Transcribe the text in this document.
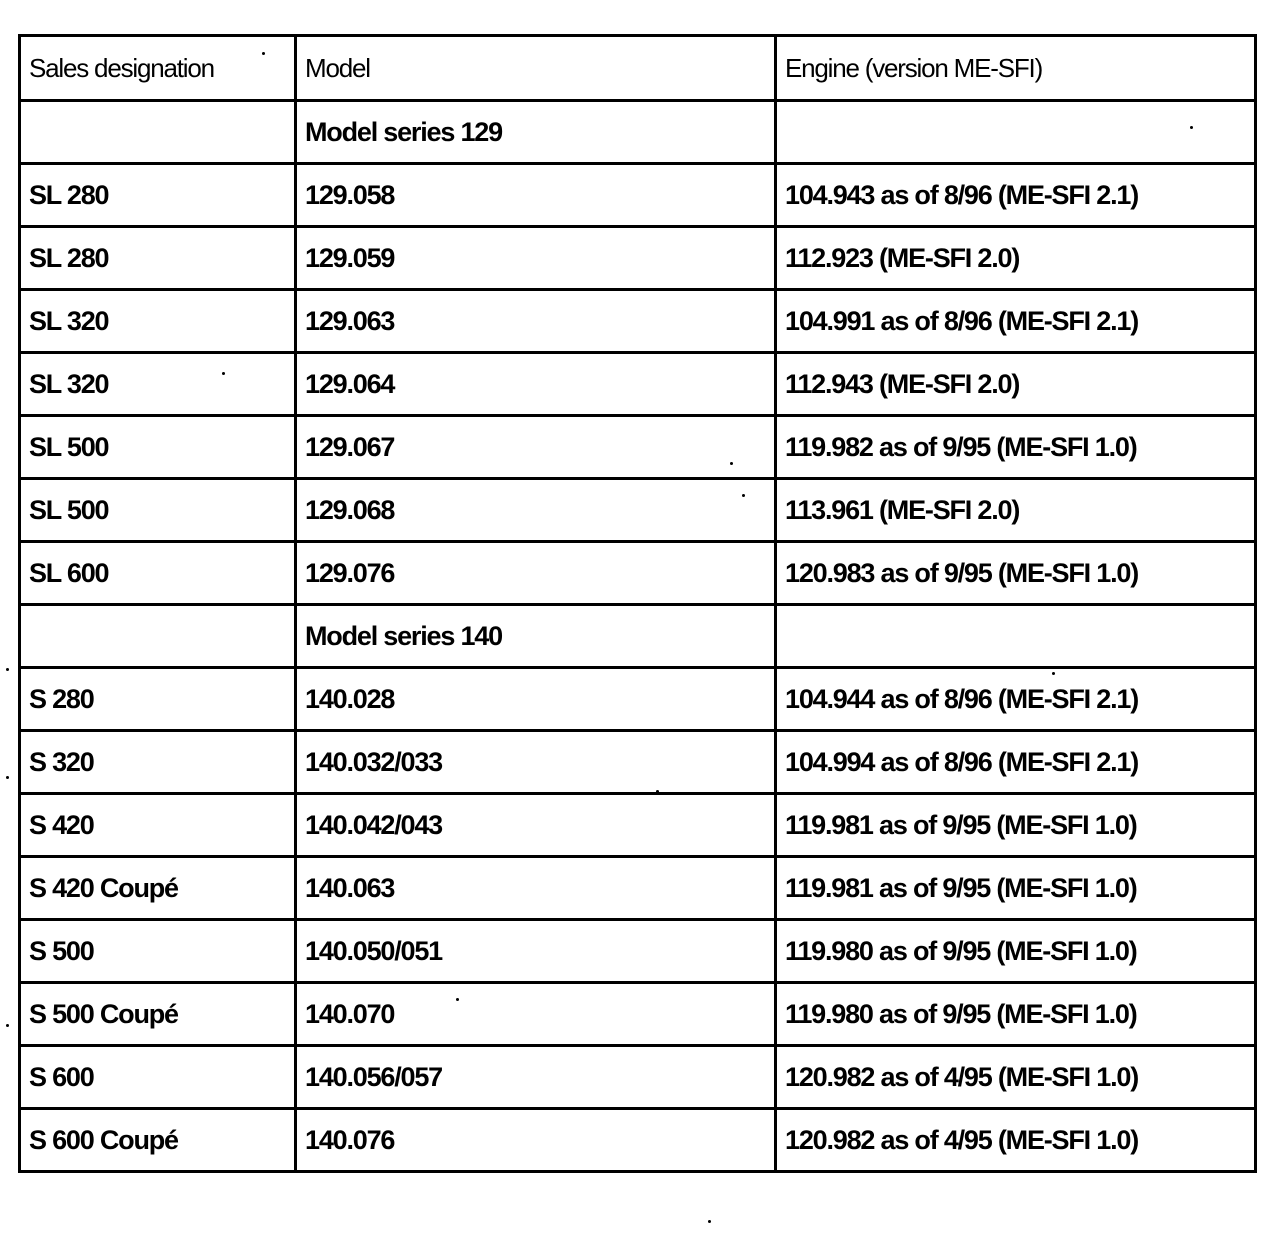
Sales designation	Model	Engine (version ME-SFI)
	Model series 129	
SL 280	129.058	104.943 as of 8/96 (ME-SFI 2.1)
SL 280	129.059	112.923 (ME-SFI 2.0)
SL 320	129.063	104.991 as of 8/96 (ME-SFI 2.1)
SL 320	129.064	112.943 (ME-SFI 2.0)
SL 500	129.067	119.982 as of 9/95 (ME-SFI 1.0)
SL 500	129.068	113.961 (ME-SFI 2.0)
SL 600	129.076	120.983 as of 9/95 (ME-SFI 1.0)
	Model series 140	
S 280	140.028	104.944 as of 8/96 (ME-SFI 2.1)
S 320	140.032/033	104.994 as of 8/96 (ME-SFI 2.1)
S 420	140.042/043	119.981 as of 9/95 (ME-SFI 1.0)
S 420 Coupé	140.063	119.981 as of 9/95 (ME-SFI 1.0)
S 500	140.050/051	119.980 as of 9/95 (ME-SFI 1.0)
S 500 Coupé	140.070	119.980 as of 9/95 (ME-SFI 1.0)
S 600	140.056/057	120.982 as of 4/95 (ME-SFI 1.0)
S 600 Coupé	140.076	120.982 as of 4/95 (ME-SFI 1.0)
